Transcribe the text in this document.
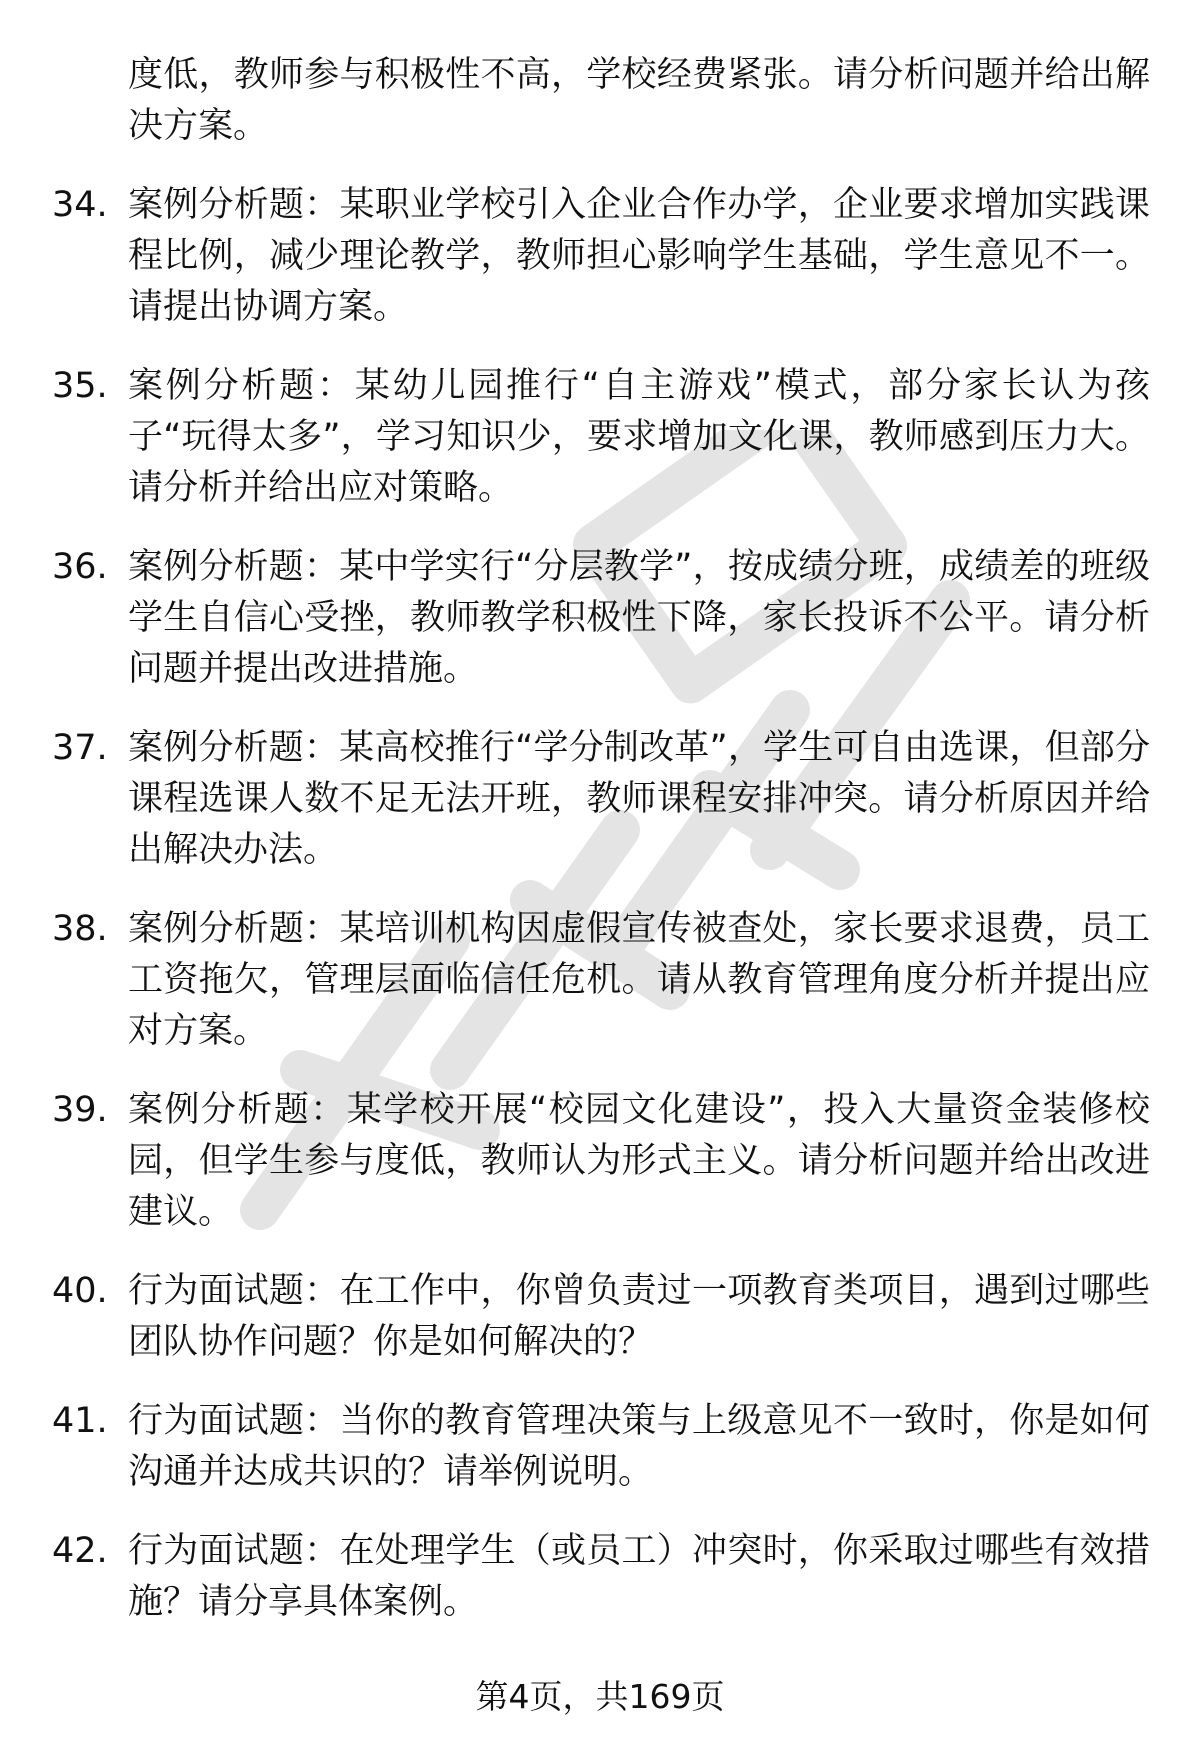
度低，教师参与积极性不高，学校经费紧张。请分析问题并给出解决方案。
34. 案例分析题：某职业学校引入企业合作办学，企业要求增加实践课程比例，减少理论教学，教师担心影响学生基础，学生意见不一。请提出协调方案。
35. 案例分析题：某幼儿园推行“自主游戏”模式，部分家长认为孩子“玩得太多”，学习知识少，要求增加文化课，教师感到压力大。请分析并给出应对策略。
36. 案例分析题：某中学实行“分层教学”，按成绩分班，成绩差的班级学生自信心受挫，教师教学积极性下降，家长投诉不公平。请分析问题并提出改进措施。
37. 案例分析题：某高校推行“学分制改革”，学生可自由选课，但部分课程选课人数不足无法开班，教师课程安排冲突。请分析原因并给出解决办法。
38. 案例分析题：某培训机构因虚假宣传被查处，家长要求退费，员工工资拖欠，管理层面临信任危机。请从教育管理角度分析并提出应对方案。
39. 案例分析题：某学校开展“校园文化建设”，投入大量资金装修校园，但学生参与度低，教师认为形式主义。请分析问题并给出改进建议。
40. 行为面试题：在工作中，你曾负责过一项教育类项目，遇到过哪些团队协作问题？你是如何解决的？
41. 行为面试题：当你的教育管理决策与上级意见不一致时，你是如何沟通并达成共识的？请举例说明。
42. 行为面试题：在处理学生（或员工）冲突时，你采取过哪些有效措施？请分享具体案例。
第4页，共169页
